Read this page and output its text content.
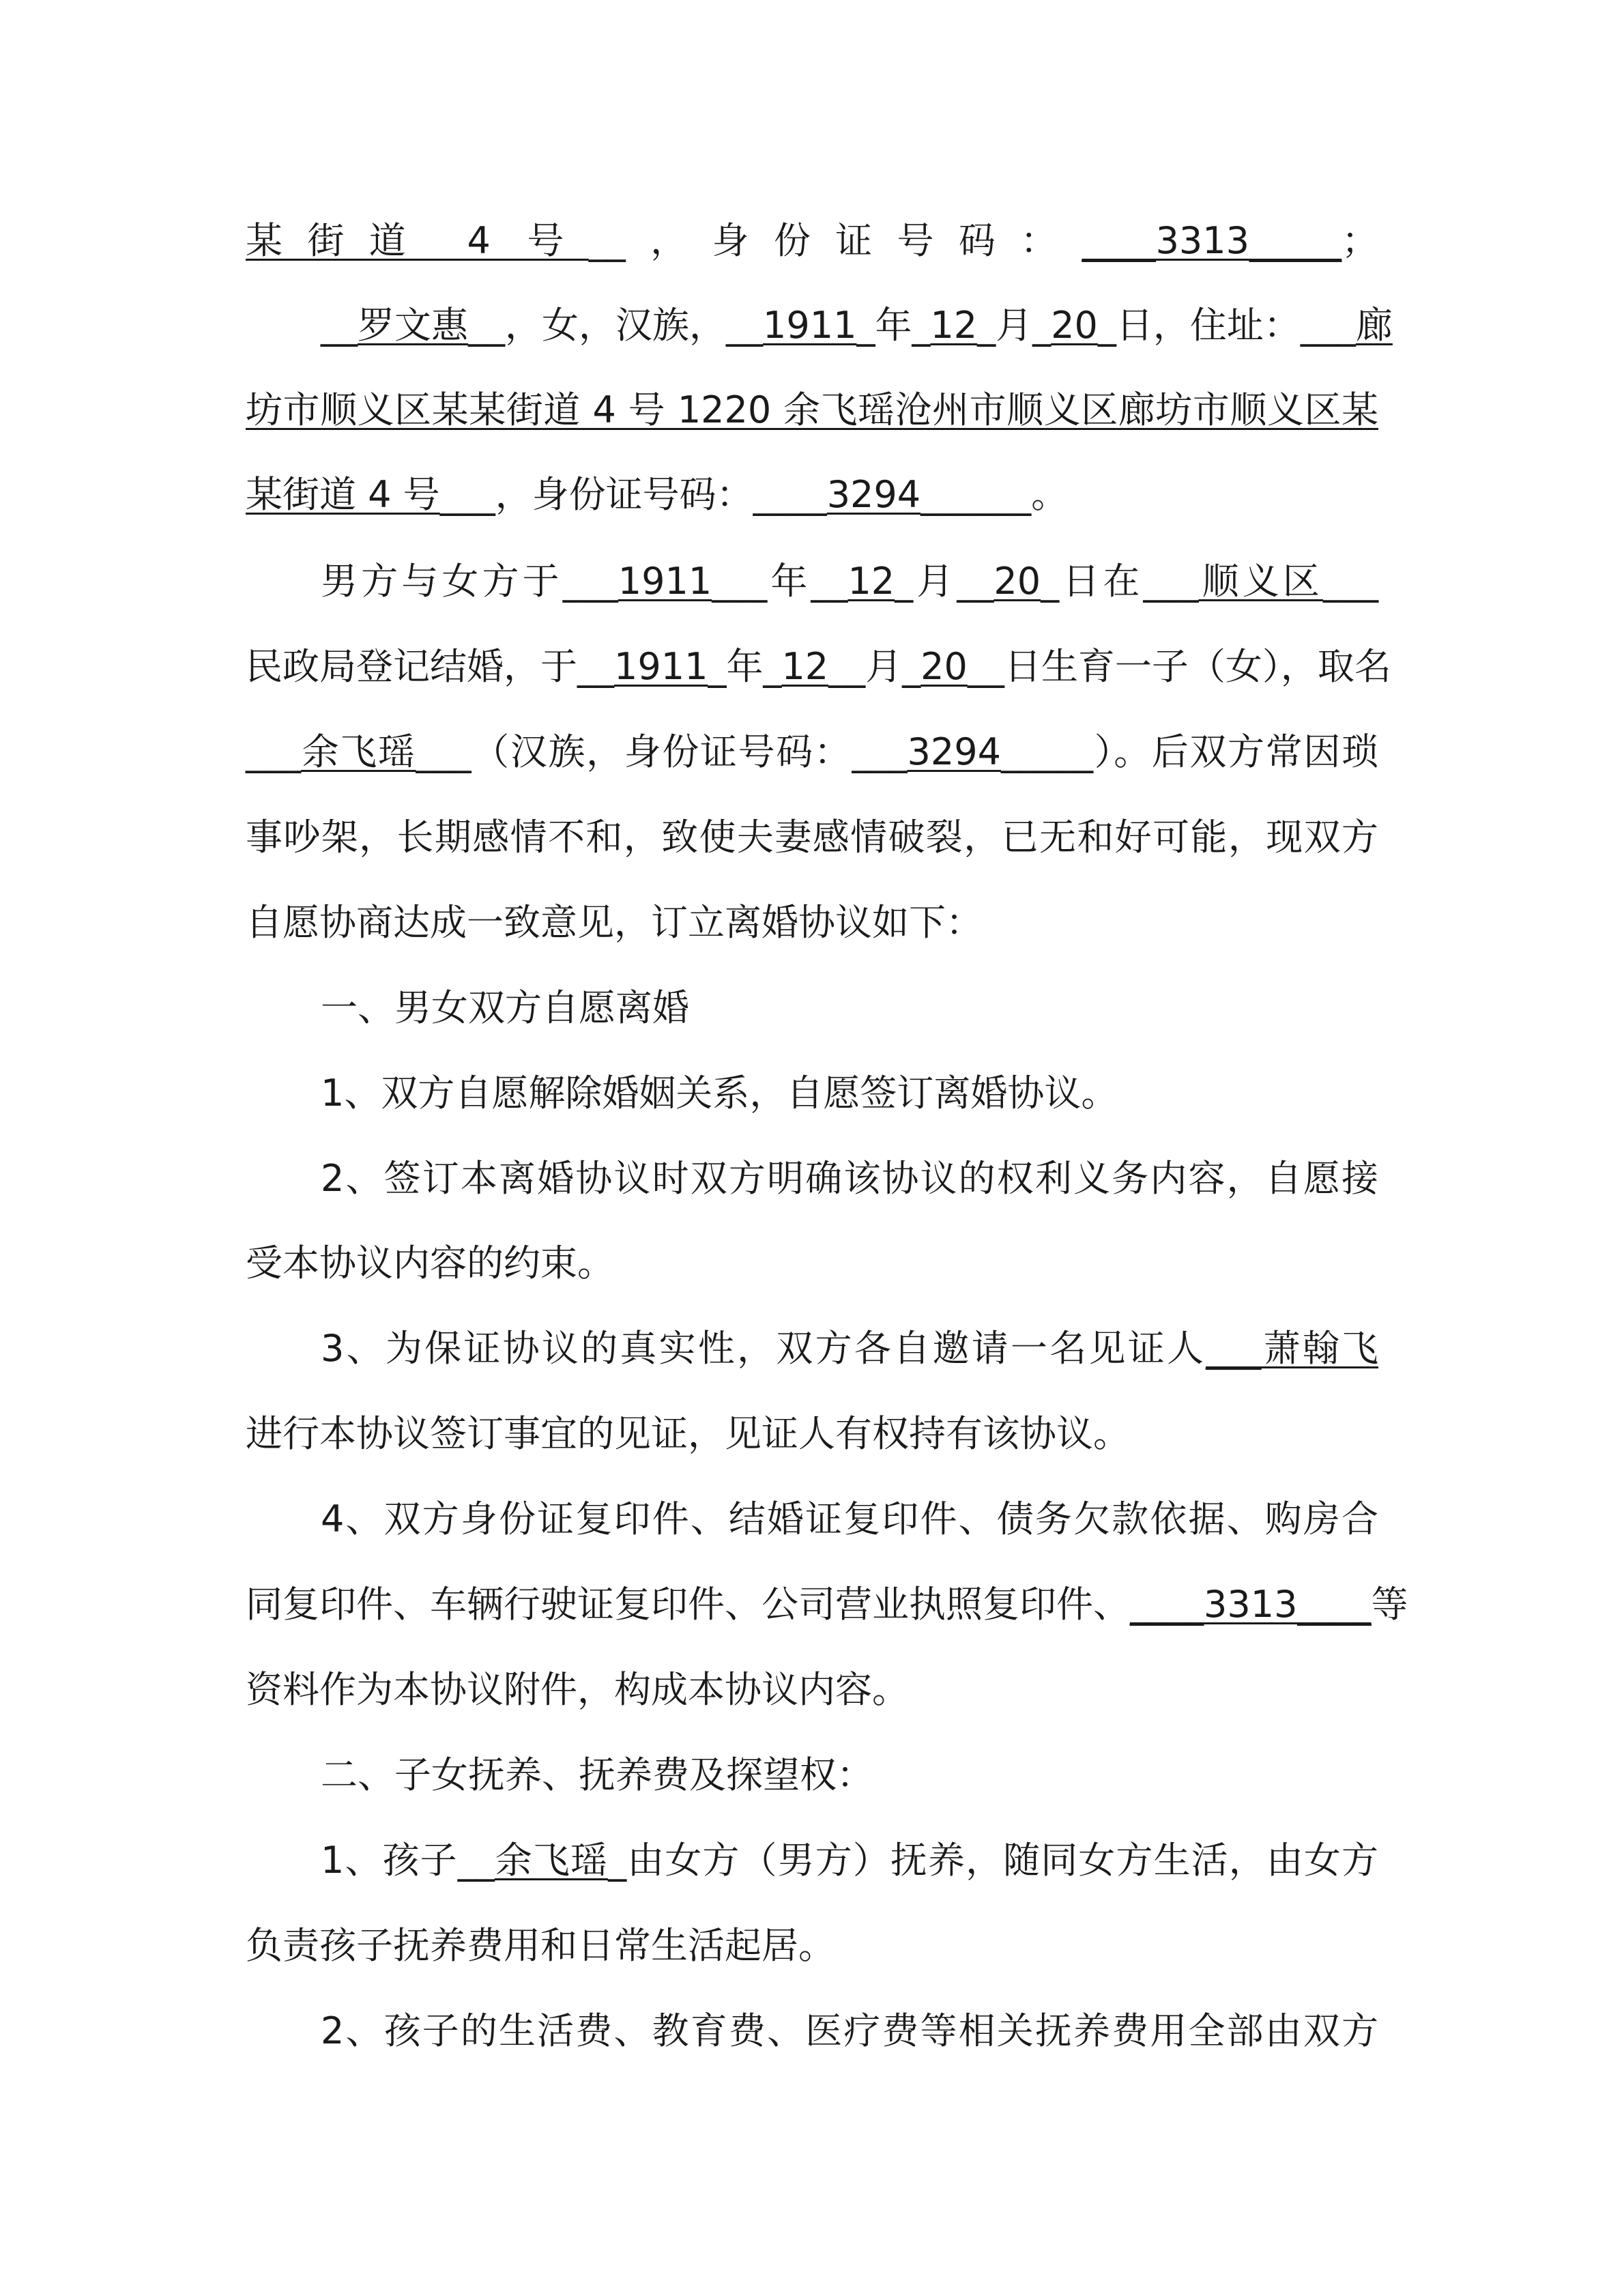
某街道 4 号__，身份证号码：____3313_____；
__罗文惠__，女，汉族，__1911_年_12_月_20_日，住址：___廊
坊市顺义区某某街道 4 号 1220 余飞瑶沧州市顺义区廊坊市顺义区某
某街道 4 号___，身份证号码：____3294______。
男方与女方于___1911___年__12_月__20_日在___顺义区___
民政局登记结婚，于__1911_年_12__月_20__日生育一子（女），取名
___余飞瑶___（汉族，身份证号码：___3294_____）。后双方常因琐
事吵架，长期感情不和，致使夫妻感情破裂，已无和好可能，现双方
自愿协商达成一致意见，订立离婚协议如下：
一、男女双方自愿离婚
1、双方自愿解除婚姻关系，自愿签订离婚协议。
2、签订本离婚协议时双方明确该协议的权利义务内容，自愿接
受本协议内容的约束。
3、为保证协议的真实性，双方各自邀请一名见证人___萧翰飞
进行本协议签订事宜的见证，见证人有权持有该协议。
4、双方身份证复印件、结婚证复印件、债务欠款依据、购房合
同复印件、车辆行驶证复印件、公司营业执照复印件、____3313____等
资料作为本协议附件，构成本协议内容。
二、子女抚养、抚养费及探望权：
1、孩子__余飞瑶_由女方（男方）抚养，随同女方生活，由女方
负责孩子抚养费用和日常生活起居。
2、孩子的生活费、教育费、医疗费等相关抚养费用全部由双方
